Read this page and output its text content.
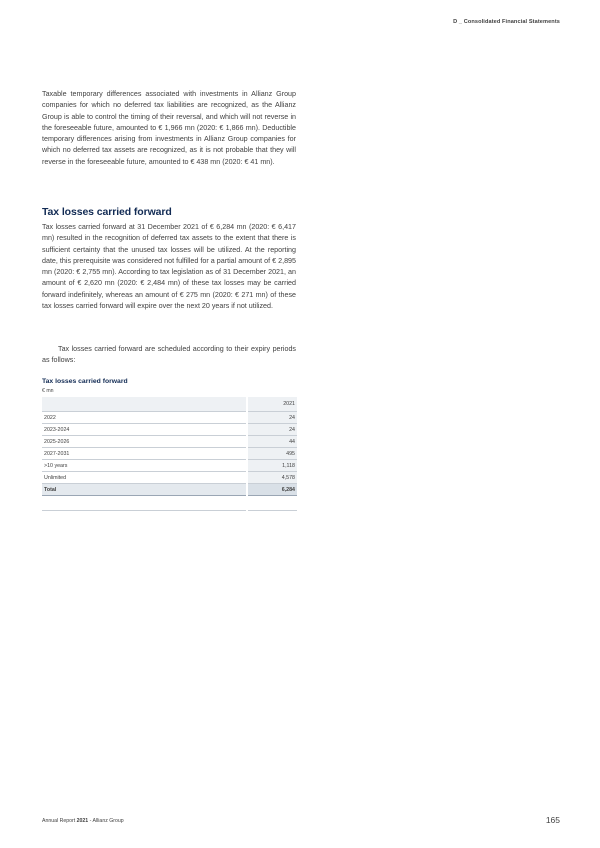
D _ Consolidated Financial Statements

Taxable temporary differences associated with investments in Allianz Group companies for which no deferred tax liabilities are recognized, as the Allianz Group is able to control the timing of their reversal, and which will not reverse in the foreseeable future, amounted to € 1,966 mn (2020: € 1,866 mn). Deductible temporary differences arising from investments in Allianz Group companies for which no deferred tax assets are recognized, as it is not probable that they will reverse in the foreseeable future, amounted to € 438 mn (2020: € 41 mn).

Tax losses carried forward

Tax losses carried forward at 31 December 2021 of € 6,284 mn (2020: € 6,417 mn) resulted in the recognition of deferred tax assets to the extent that there is sufficient certainty that the unused tax losses will be utilized. At the reporting date, this prerequisite was considered not fulfilled for a partial amount of € 2,895 mn (2020: € 2,755 mn). According to tax legislation as of 31 December 2021, an amount of € 2,620 mn (2020: € 2,484 mn) of these tax losses may be carried forward indefinitely, whereas an amount of € 275 mn (2020: € 271 mn) of these tax losses carried forward will expire over the next 20 years if not utilized.

Tax losses carried forward are scheduled according to their expiry periods as follows:

Tax losses carried forward
€ mn
		2021
2022		24
2023-2024		24
2025-2026		44
2027-2031		495
>10 years		1,118
Unlimited		4,578
Total		6,284

Annual Report 2021 - Allianz Group	165
